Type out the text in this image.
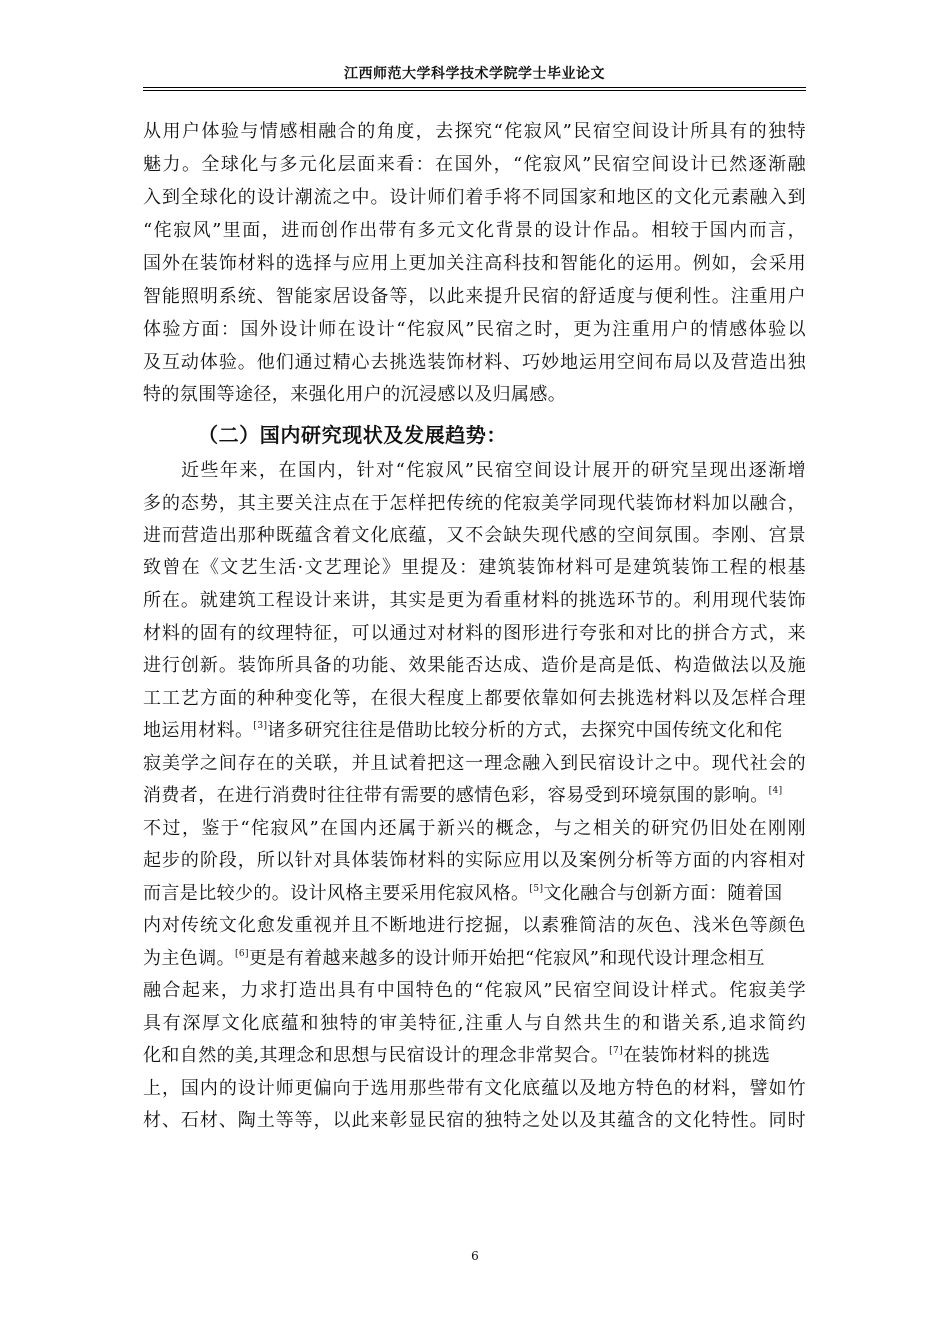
江西师范大学科学技术学院学士毕业论文
从用户体验与情感相融合的角度，去探究“侘寂风”民宿空间设计所具有的独特
魅力。全球化与多元化层面来看：在国外，“侘寂风”民宿空间设计已然逐渐融
入到全球化的设计潮流之中。设计师们着手将不同国家和地区的文化元素融入到
“侘寂风”里面，进而创作出带有多元文化背景的设计作品。相较于国内而言，
国外在装饰材料的选择与应用上更加关注高科技和智能化的运用。例如，会采用
智能照明系统、智能家居设备等，以此来提升民宿的舒适度与便利性。注重用户
体验方面：国外设计师在设计“侘寂风”民宿之时，更为注重用户的情感体验以
及互动体验。他们通过精心去挑选装饰材料、巧妙地运用空间布局以及营造出独
特的氛围等途径，来强化用户的沉浸感以及归属感。
（二）国内研究现状及发展趋势：
近些年来，在国内，针对“侘寂风”民宿空间设计展开的研究呈现出逐渐增
多的态势，其主要关注点在于怎样把传统的侘寂美学同现代装饰材料加以融合，
进而营造出那种既蕴含着文化底蕴，又不会缺失现代感的空间氛围。李刚、宫景
致曾在《文艺生活·文艺理论》里提及：建筑装饰材料可是建筑装饰工程的根基
所在。就建筑工程设计来讲，其实是更为看重材料的挑选环节的。利用现代装饰
材料的固有的纹理特征，可以通过对材料的图形进行夸张和对比的拼合方式，来
进行创新。装饰所具备的功能、效果能否达成、造价是高是低、构造做法以及施
工工艺方面的种种变化等，在很大程度上都要依靠如何去挑选材料以及怎样合理
地运用材料。[3]诸多研究往往是借助比较分析的方式，去探究中国传统文化和侘
寂美学之间存在的关联，并且试着把这一理念融入到民宿设计之中。现代社会的
消费者，在进行消费时往往带有需要的感情色彩，容易受到环境氛围的影响。[4]
不过，鉴于“侘寂风”在国内还属于新兴的概念，与之相关的研究仍旧处在刚刚
起步的阶段，所以针对具体装饰材料的实际应用以及案例分析等方面的内容相对
而言是比较少的。设计风格主要采用侘寂风格。[5]文化融合与创新方面：随着国
内对传统文化愈发重视并且不断地进行挖掘，以素雅简洁的灰色、浅米色等颜色
为主色调。[6]更是有着越来越多的设计师开始把“侘寂风”和现代设计理念相互
融合起来，力求打造出具有中国特色的“侘寂风”民宿空间设计样式。侘寂美学
具有深厚文化底蕴和独特的审美特征,注重人与自然共生的和谐关系,追求简约
化和自然的美,其理念和思想与民宿设计的理念非常契合。[7]在装饰材料的挑选
上，国内的设计师更偏向于选用那些带有文化底蕴以及地方特色的材料，譬如竹
材、石材、陶土等等，以此来彰显民宿的独特之处以及其蕴含的文化特性。同时
6
